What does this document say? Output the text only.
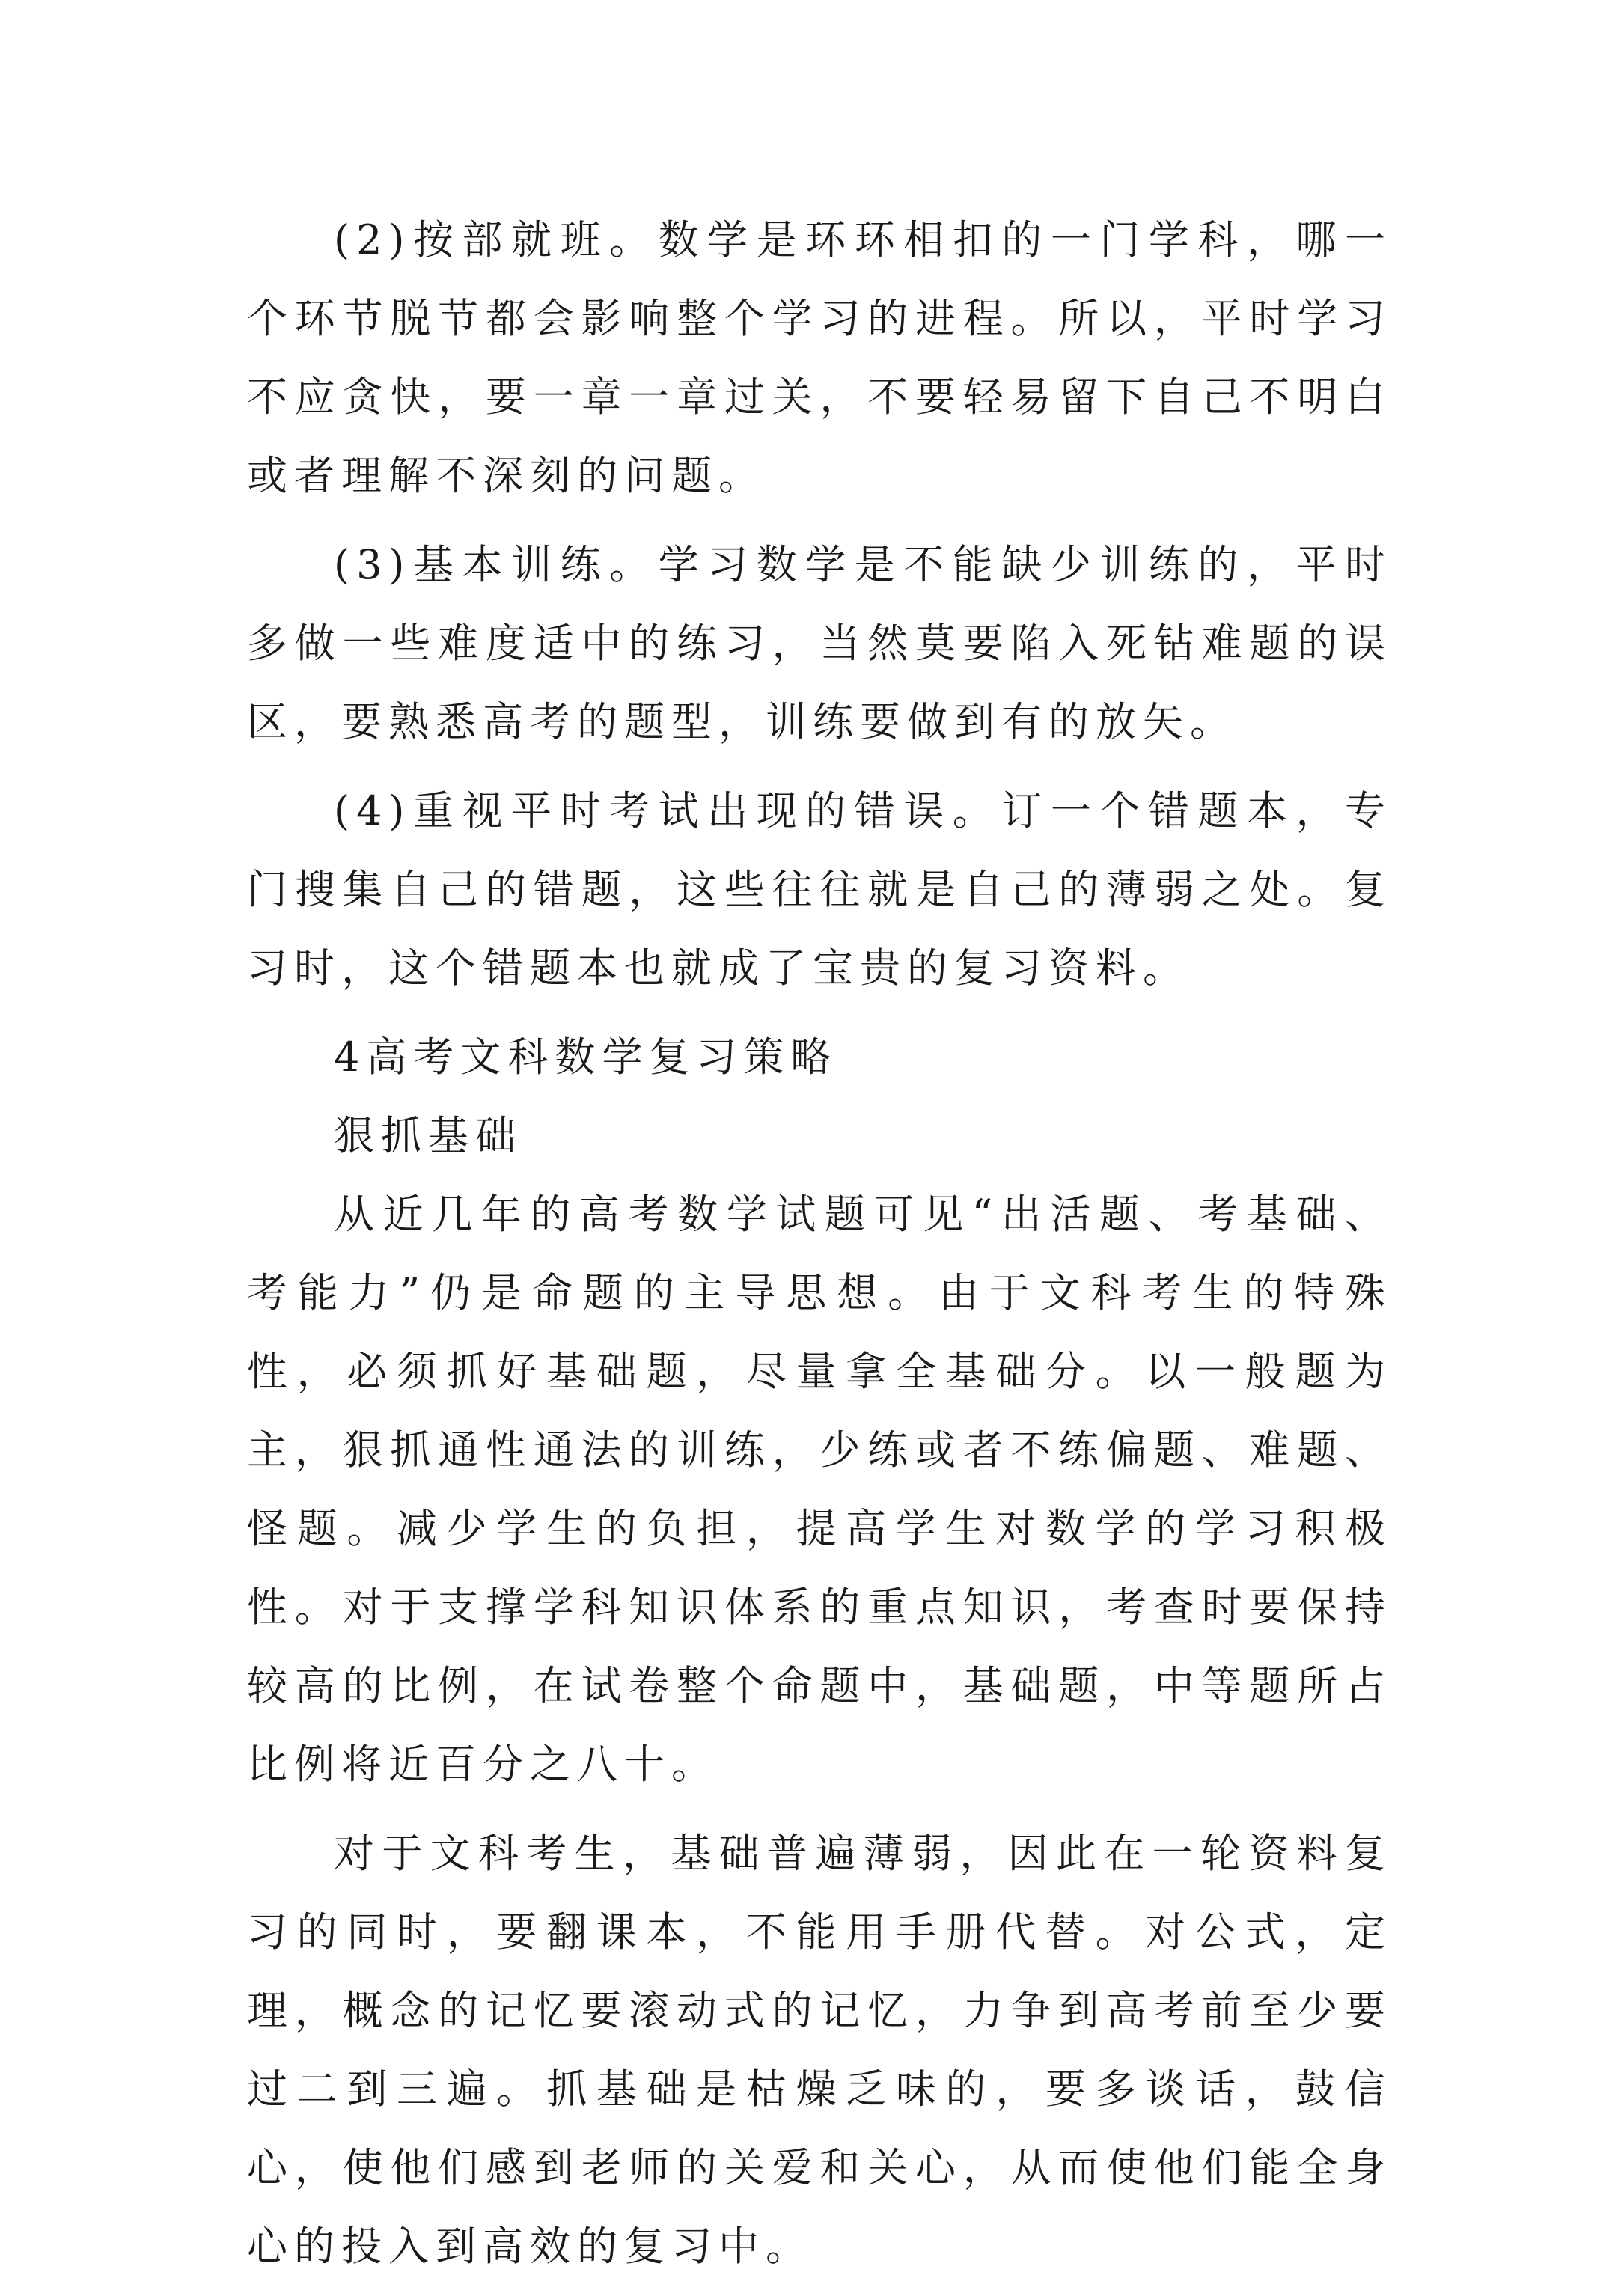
(2)按部就班。数学是环环相扣的一门学科，哪一个环节脱节都会影响整个学习的进程。所以，平时学习不应贪快，要一章一章过关，不要轻易留下自己不明白或者理解不深刻的问题。

(3)基本训练。学习数学是不能缺少训练的，平时多做一些难度适中的练习，当然莫要陷入死钻难题的误区，要熟悉高考的题型，训练要做到有的放矢。

(4)重视平时考试出现的错误。订一个错题本，专门搜集自己的错题，这些往往就是自己的薄弱之处。复习时，这个错题本也就成了宝贵的复习资料。

4高考文科数学复习策略

狠抓基础

从近几年的高考数学试题可见“出活题、考基础、考能力”仍是命题的主导思想。由于文科考生的特殊性，必须抓好基础题，尽量拿全基础分。以一般题为主，狠抓通性通法的训练，少练或者不练偏题、难题、怪题。减少学生的负担，提高学生对数学的学习积极性。对于支撑学科知识体系的重点知识，考查时要保持较高的比例，在试卷整个命题中，基础题，中等题所占比例将近百分之八十。

对于文科考生，基础普遍薄弱，因此在一轮资料复习的同时，要翻课本，不能用手册代替。对公式，定理，概念的记忆要滚动式的记忆，力争到高考前至少要过二到三遍。抓基础是枯燥乏味的，要多谈话，鼓信心，使他们感到老师的关爱和关心，从而使他们能全身心的投入到高效的复习中。
